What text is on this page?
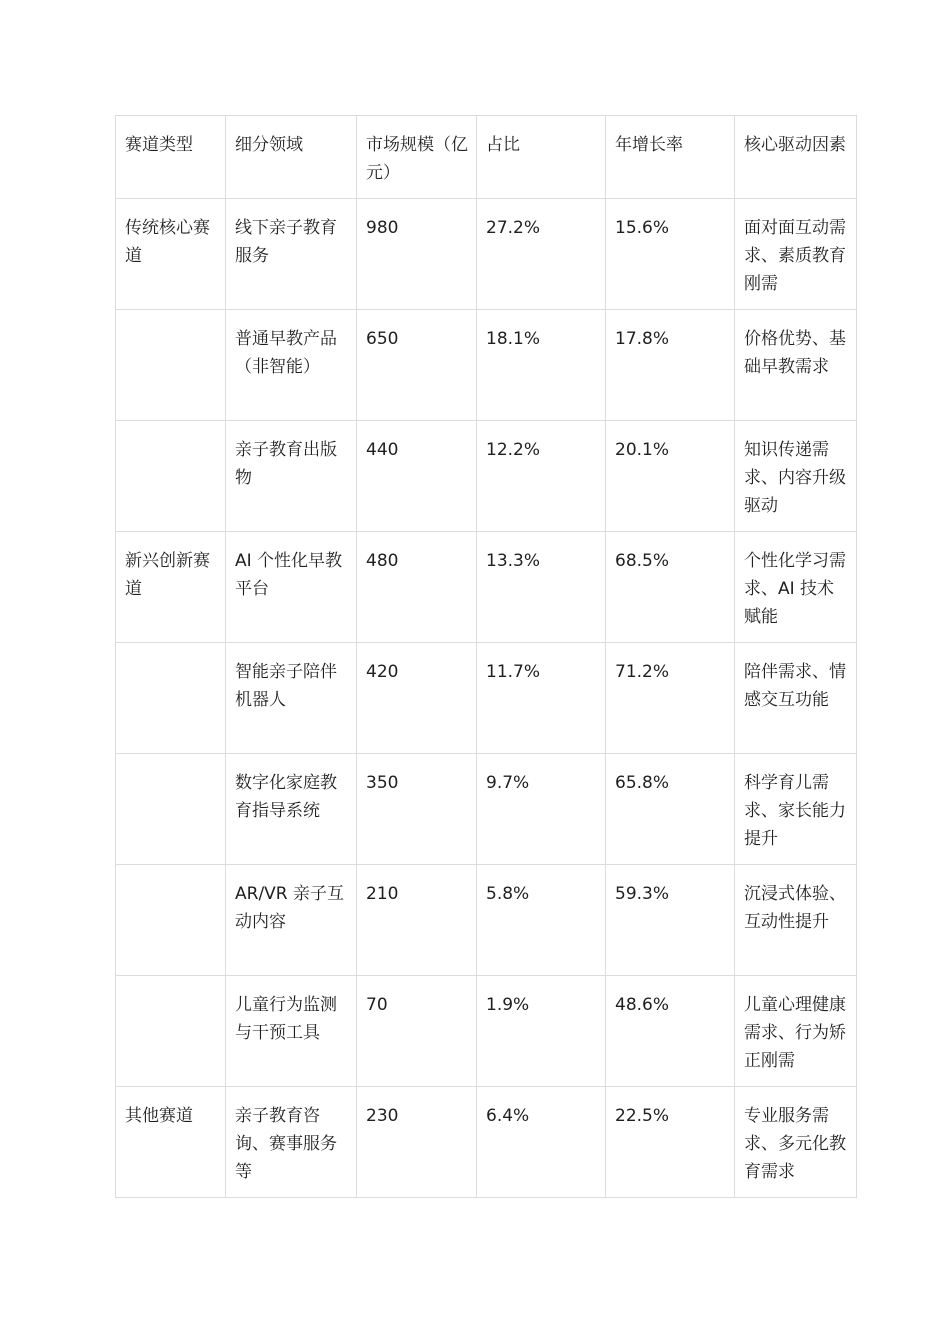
赛道类型	细分领域	市场规模（亿元）	占比	年增长率	核心驱动因素
传统核心赛道	线下亲子教育服务	980	27.2%	15.6%	面对面互动需求、素质教育刚需
	普通早教产品（非智能）	650	18.1%	17.8%	价格优势、基础早教需求
	亲子教育出版物	440	12.2%	20.1%	知识传递需求、内容升级驱动
新兴创新赛道	AI 个性化早教平台	480	13.3%	68.5%	个性化学习需求、AI 技术赋能
	智能亲子陪伴机器人	420	11.7%	71.2%	陪伴需求、情感交互功能
	数字化家庭教育指导系统	350	9.7%	65.8%	科学育儿需求、家长能力提升
	AR/VR 亲子互动内容	210	5.8%	59.3%	沉浸式体验、互动性提升
	儿童行为监测与干预工具	70	1.9%	48.6%	儿童心理健康需求、行为矫正刚需
其他赛道	亲子教育咨询、赛事服务等	230	6.4%	22.5%	专业服务需求、多元化教育需求
